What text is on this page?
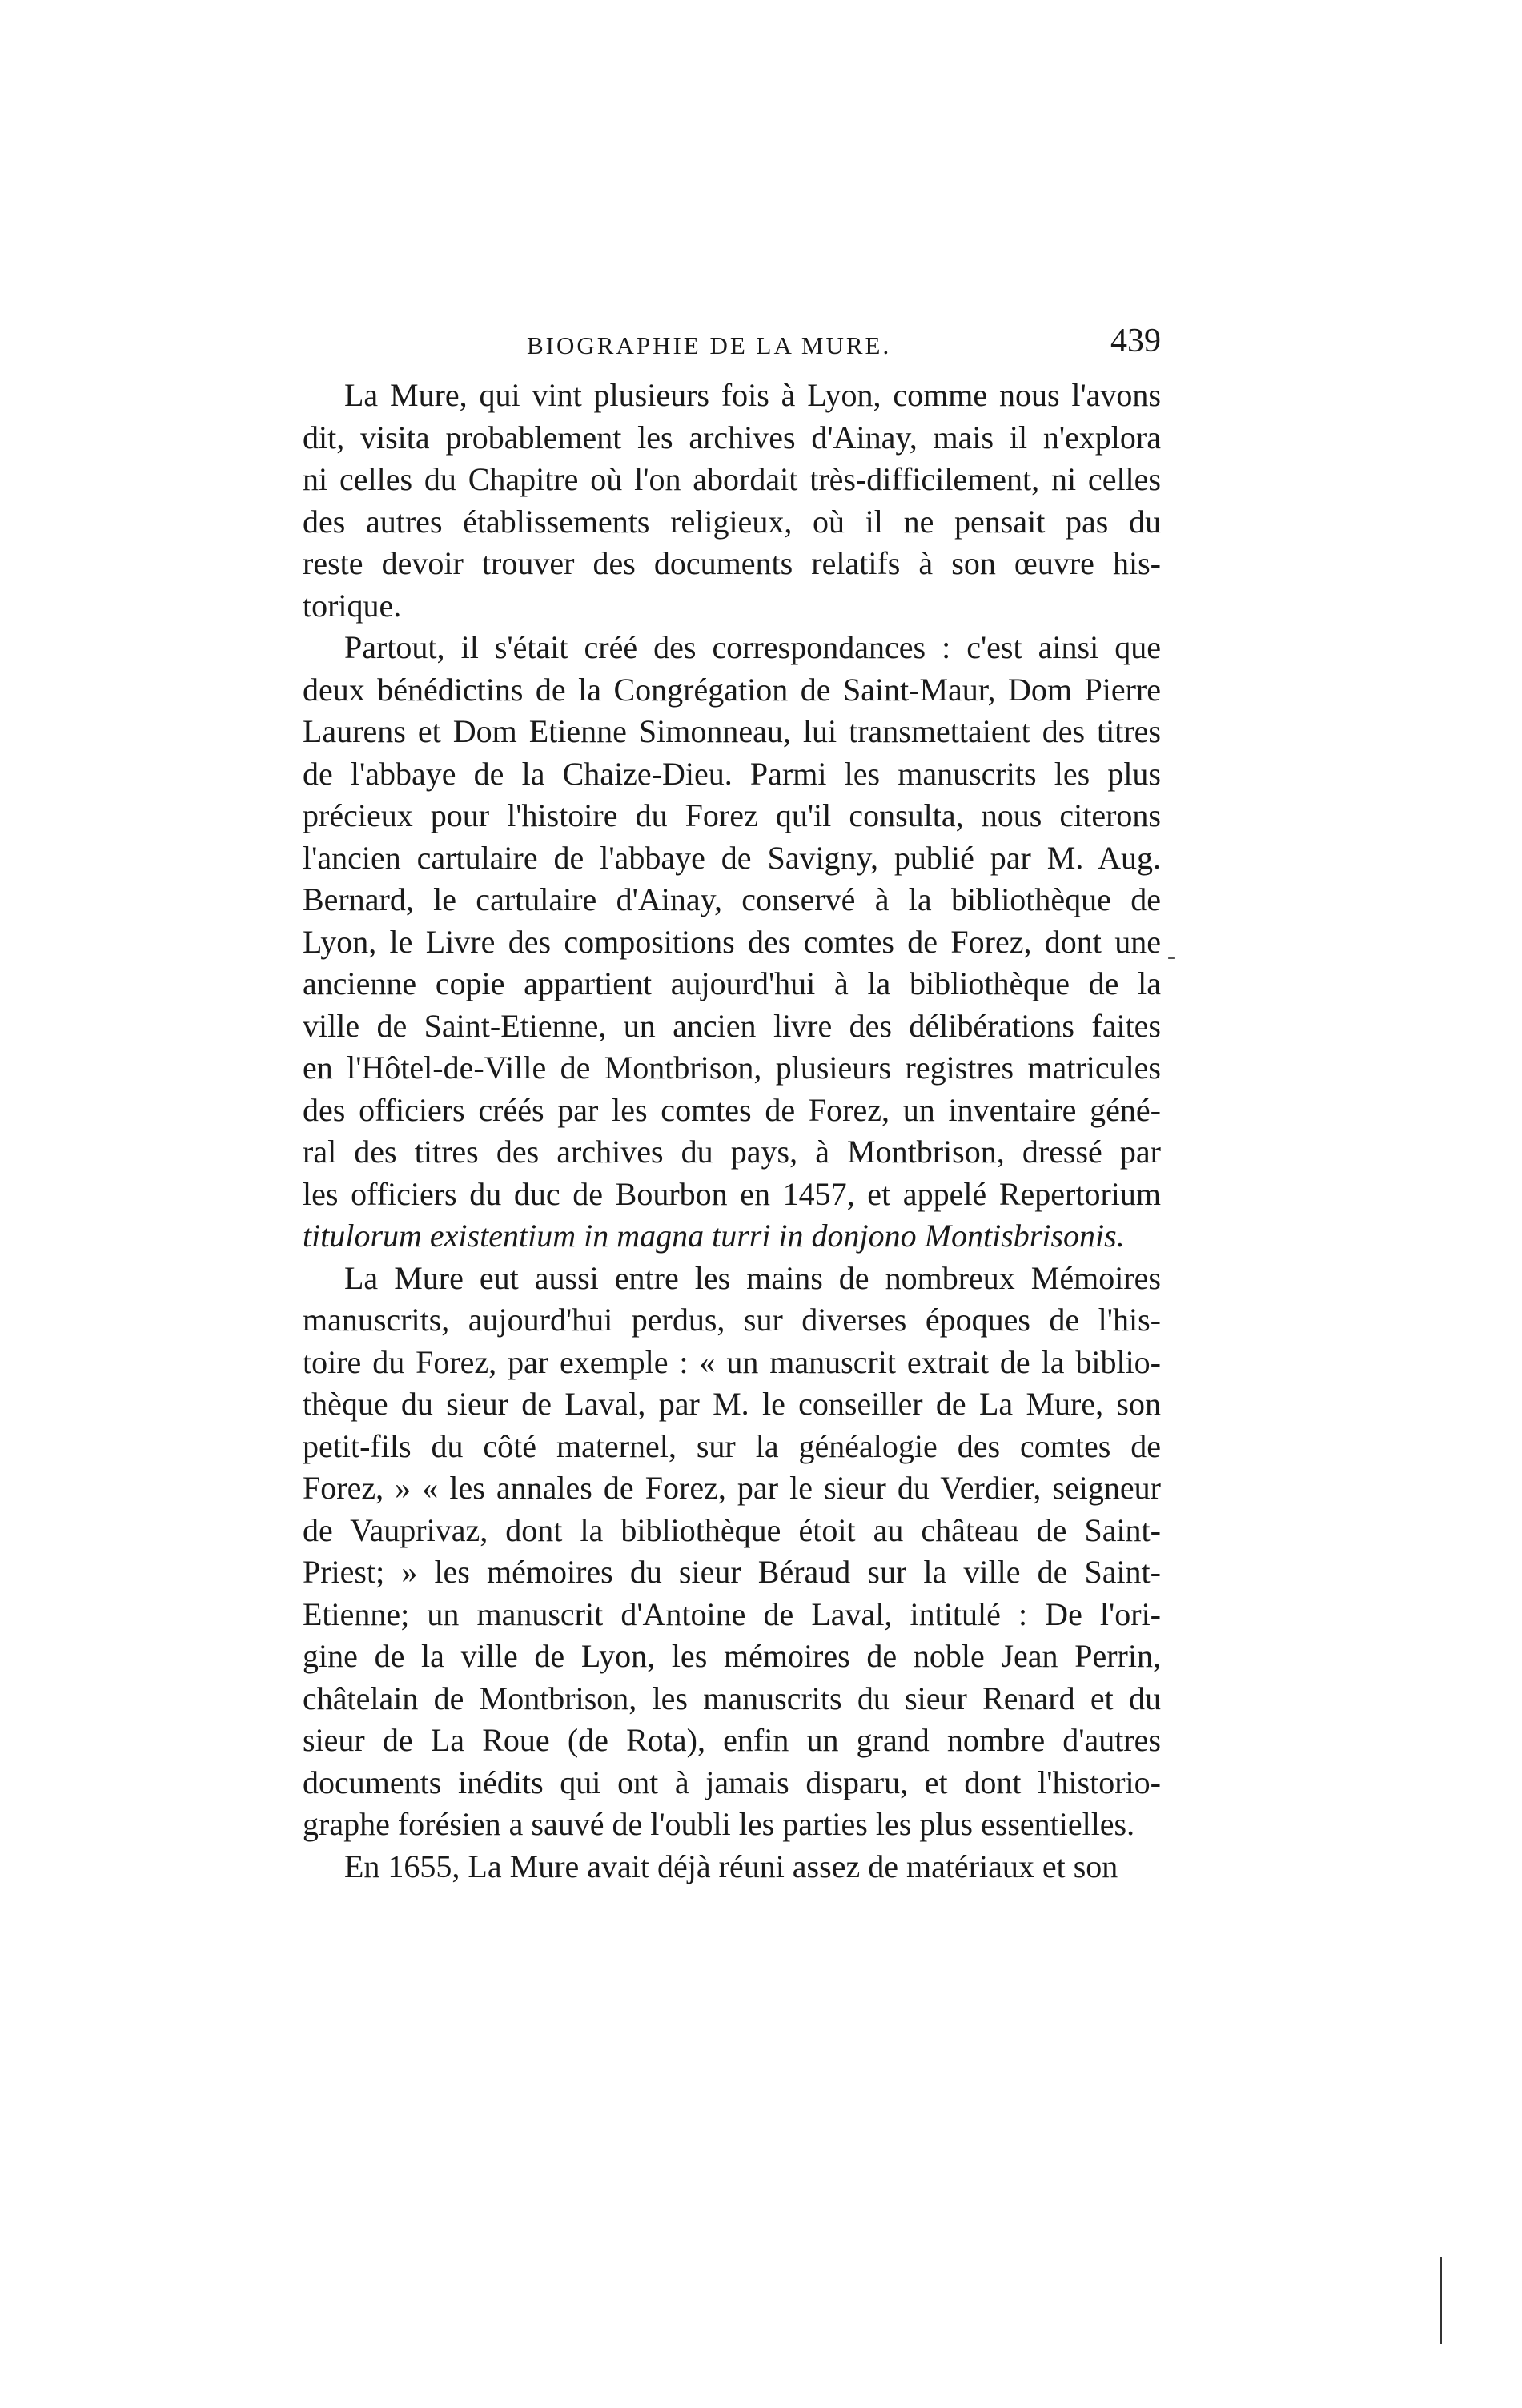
BIOGRAPHIE DE LA MURE.	439
La Mure, qui vint plusieurs fois à Lyon, comme nous l'avons
dit, visita probablement les archives d'Ainay, mais il n'explora
ni celles du Chapitre où l'on abordait très-difficilement, ni celles
des autres établissements religieux, où il ne pensait pas du
reste devoir trouver des documents relatifs à son œuvre his-
torique.
Partout, il s'était créé des correspondances : c'est ainsi que
deux bénédictins de la Congrégation de Saint-Maur, Dom Pierre
Laurens et Dom Etienne Simonneau, lui transmettaient des titres
de l'abbaye de la Chaize-Dieu. Parmi les manuscrits les plus
précieux pour l'histoire du Forez qu'il consulta, nous citerons
l'ancien cartulaire de l'abbaye de Savigny, publié par M. Aug.
Bernard, le cartulaire d'Ainay, conservé à la bibliothèque de
Lyon, le Livre des compositions des comtes de Forez, dont une
ancienne copie appartient aujourd'hui à la bibliothèque de la
ville de Saint-Etienne, un ancien livre des délibérations faites
en l'Hôtel-de-Ville de Montbrison, plusieurs registres matricules
des officiers créés par les comtes de Forez, un inventaire géné-
ral des titres des archives du pays, à Montbrison, dressé par
les officiers du duc de Bourbon en 1457, et appelé Repertorium
titulorum existentium in magna turri in donjono Montisbrisonis.
La Mure eut aussi entre les mains de nombreux Mémoires
manuscrits, aujourd'hui perdus, sur diverses époques de l'his-
toire du Forez, par exemple : « un manuscrit extrait de la biblio-
thèque du sieur de Laval, par M. le conseiller de La Mure, son
petit-fils du côté maternel, sur la généalogie des comtes de
Forez, » « les annales de Forez, par le sieur du Verdier, seigneur
de Vauprivaz, dont la bibliothèque étoit au château de Saint-
Priest; » les mémoires du sieur Béraud sur la ville de Saint-
Etienne; un manuscrit d'Antoine de Laval, intitulé : De l'ori-
gine de la ville de Lyon, les mémoires de noble Jean Perrin,
châtelain de Montbrison, les manuscrits du sieur Renard et du
sieur de La Roue (de Rota), enfin un grand nombre d'autres
documents inédits qui ont à jamais disparu, et dont l'historio-
graphe forésien a sauvé de l'oubli les parties les plus essentielles.
En 1655, La Mure avait déjà réuni assez de matériaux et son
-
